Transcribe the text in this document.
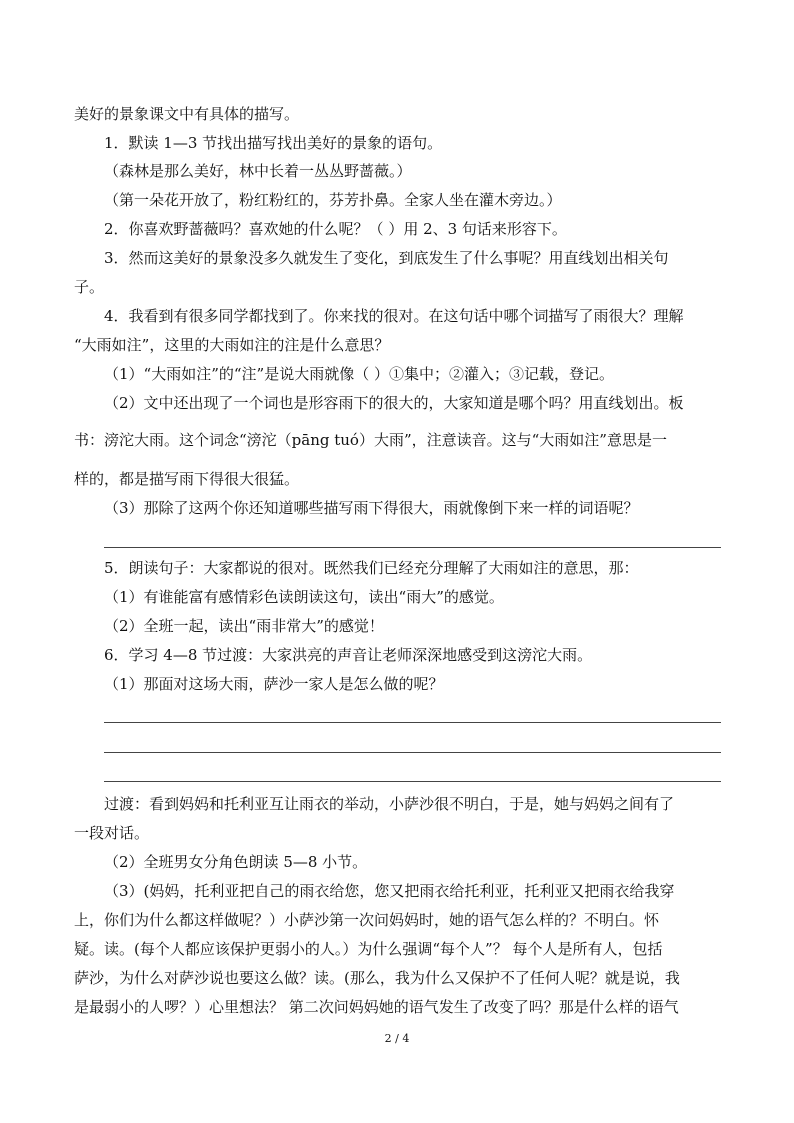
美好的景象课文中有具体的描写。
1．默读 1—3 节找出描写找出美好的景象的语句。
（森林是那么美好，林中长着一丛丛野蔷薇。）
（第一朵花开放了，粉红粉红的，芬芳扑鼻。全家人坐在灌木旁边。）
2．你喜欢野蔷薇吗？喜欢她的什么呢？（ ）用 2、3 句话来形容下。
3．然而这美好的景象没多久就发生了变化，到底发生了什么事呢？用直线划出相关句
子。
4．我看到有很多同学都找到了。你来找的很对。在这句话中哪个词描写了雨很大？理解
“大雨如注”，这里的大雨如注的注是什么意思？
（1）“大雨如注”的“注”是说大雨就像（ ）①集中；②灌入；③记载，登记。
（2）文中还出现了一个词也是形容雨下的很大的，大家知道是哪个吗？用直线划出。板
书：滂沱大雨。这个词念“滂沱（pāng tuó）大雨”，注意读音。这与“大雨如注”意思是一
样的，都是描写雨下得很大很猛。
（3）那除了这两个你还知道哪些描写雨下得很大，雨就像倒下来一样的词语呢？
5．朗读句子：大家都说的很对。既然我们已经充分理解了大雨如注的意思，那：
（1）有谁能富有感情彩色读朗读这句，读出“雨大”的感觉。
（2）全班一起，读出“雨非常大”的感觉！
6．学习 4—8 节过渡：大家洪亮的声音让老师深深地感受到这滂沱大雨。
（1）那面对这场大雨，萨沙一家人是怎么做的呢？
过渡：看到妈妈和托利亚互让雨衣的举动，小萨沙很不明白，于是，她与妈妈之间有了
一段对话。
（2）全班男女分角色朗读 5—8 小节。
（3）(妈妈，托利亚把自己的雨衣给您，您又把雨衣给托利亚，托利亚又把雨衣给我穿
上，你们为什么都这样做呢？）小萨沙第一次问妈妈时，她的语气怎么样的？不明白。怀
疑。读。(每个人都应该保护更弱小的人。）为什么强调“每个人”？ 每个人是所有人，包括
萨沙，为什么对萨沙说也要这么做？读。(那么，我为什么又保护不了任何人呢？就是说，我
是最弱小的人啰？）心里想法？ 第二次问妈妈她的语气发生了改变了吗？那是什么样的语气
2 / 4
